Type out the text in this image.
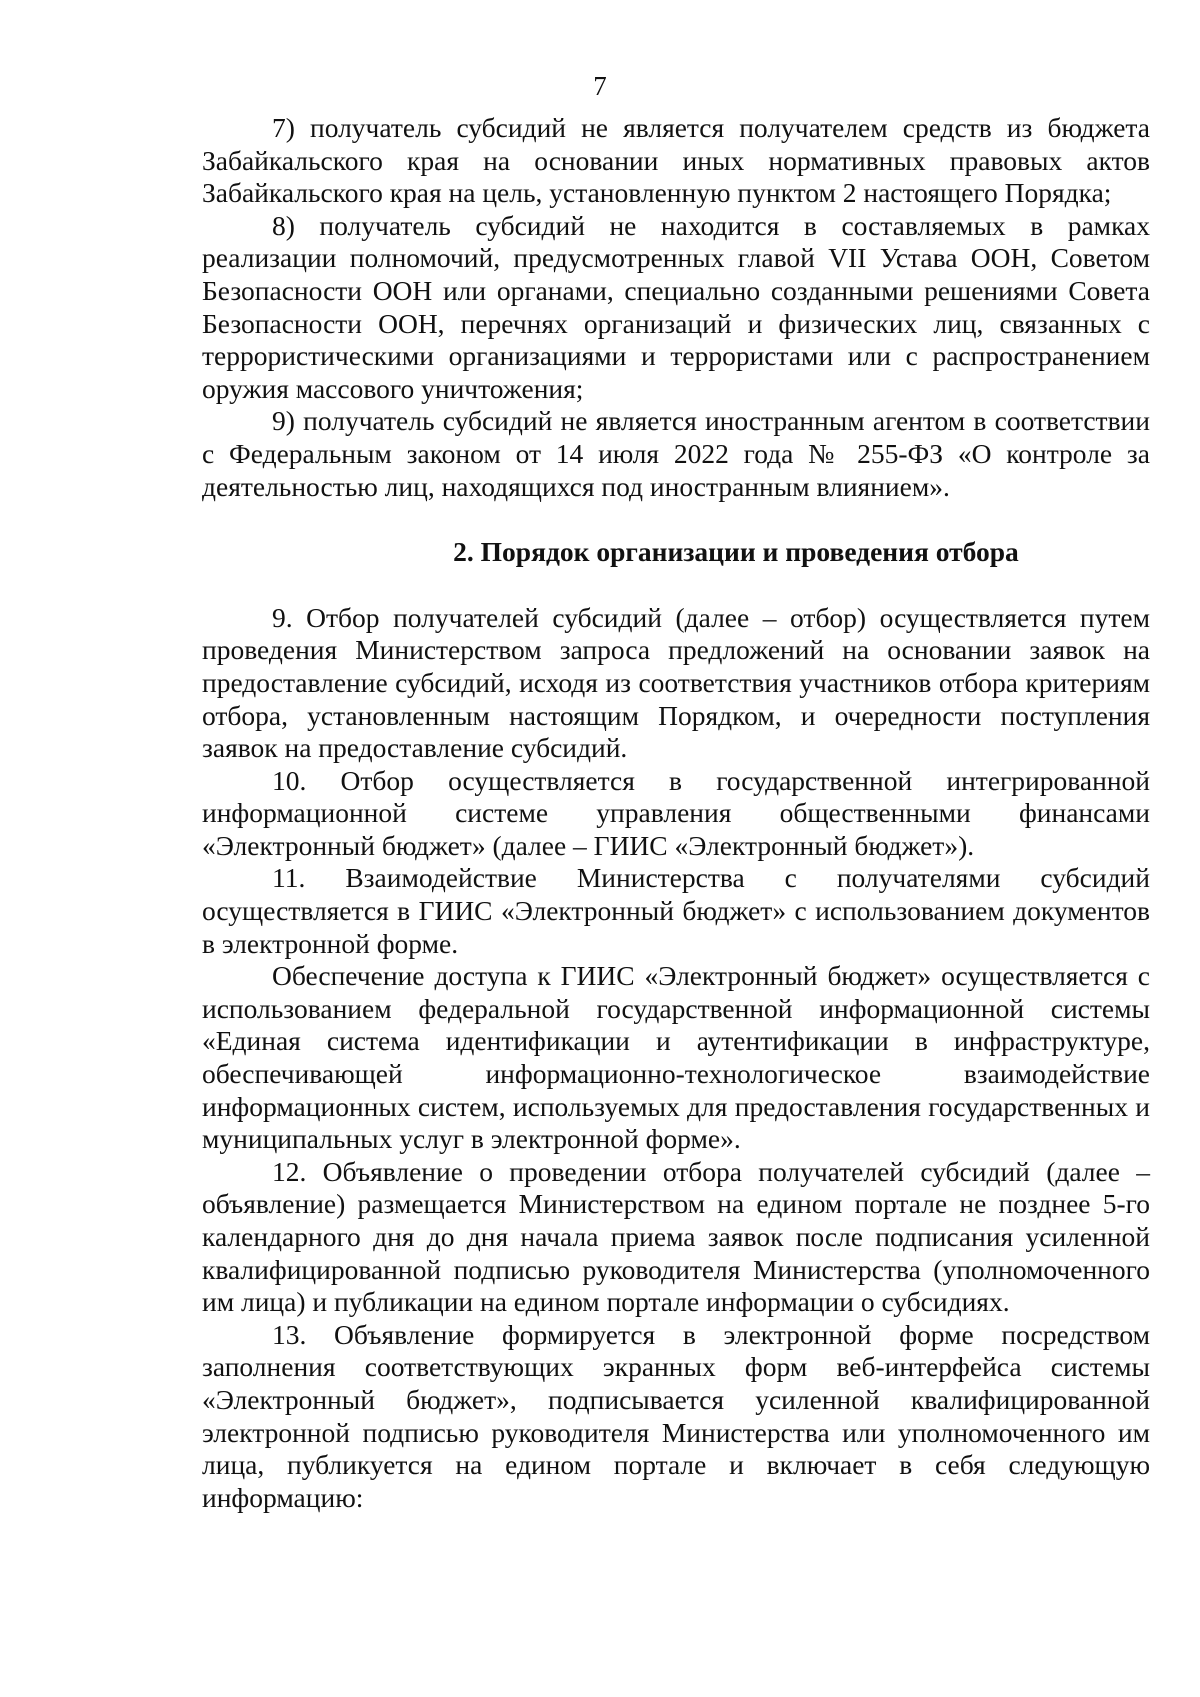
7

7) получатель субсидий не является получателем средств из бюджета Забайкальского края на основании иных нормативных правовых актов Забайкальского края на цель, установленную пунктом 2 настоящего Порядка;

8) получатель субсидий не находится в составляемых в рамках реализации полномочий, предусмотренных главой VII Устава ООН, Советом Безопасности ООН или органами, специально созданными решениями Совета Безопасности ООН, перечнях организаций и физических лиц, связанных с террористическими организациями и террористами или с распространением оружия массового уничтожения;

9) получатель субсидий не является иностранным агентом в соответствии с Федеральным законом от 14 июля 2022 года № 255-ФЗ «О контроле за деятельностью лиц, находящихся под иностранным влиянием».

2. Порядок организации и проведения отбора

9. Отбор получателей субсидий (далее – отбор) осуществляется путем проведения Министерством запроса предложений на основании заявок на предоставление субсидий, исходя из соответствия участников отбора критериям отбора, установленным настоящим Порядком, и очередности поступления заявок на предоставление субсидий.

10. Отбор осуществляется в государственной интегрированной информационной системе управления общественными финансами «Электронный бюджет» (далее – ГИИС «Электронный бюджет»).

11. Взаимодействие Министерства с получателями субсидий осуществляется в ГИИС «Электронный бюджет» с использованием документов в электронной форме.

Обеспечение доступа к ГИИС «Электронный бюджет» осуществляется с использованием федеральной государственной информационной системы «Единая система идентификации и аутентификации в инфраструктуре, обеспечивающей информационно-технологическое взаимодействие информационных систем, используемых для предоставления государственных и муниципальных услуг в электронной форме».

12. Объявление о проведении отбора получателей субсидий (далее – объявление) размещается Министерством на едином портале не позднее 5-го календарного дня до дня начала приема заявок после подписания усиленной квалифицированной подписью руководителя Министерства (уполномоченного им лица) и публикации на едином портале информации о субсидиях.

13. Объявление формируется в электронной форме посредством заполнения соответствующих экранных форм веб-интерфейса системы «Электронный бюджет», подписывается усиленной квалифицированной электронной подписью руководителя Министерства или уполномоченного им лица, публикуется на едином портале и включает в себя следующую информацию:
